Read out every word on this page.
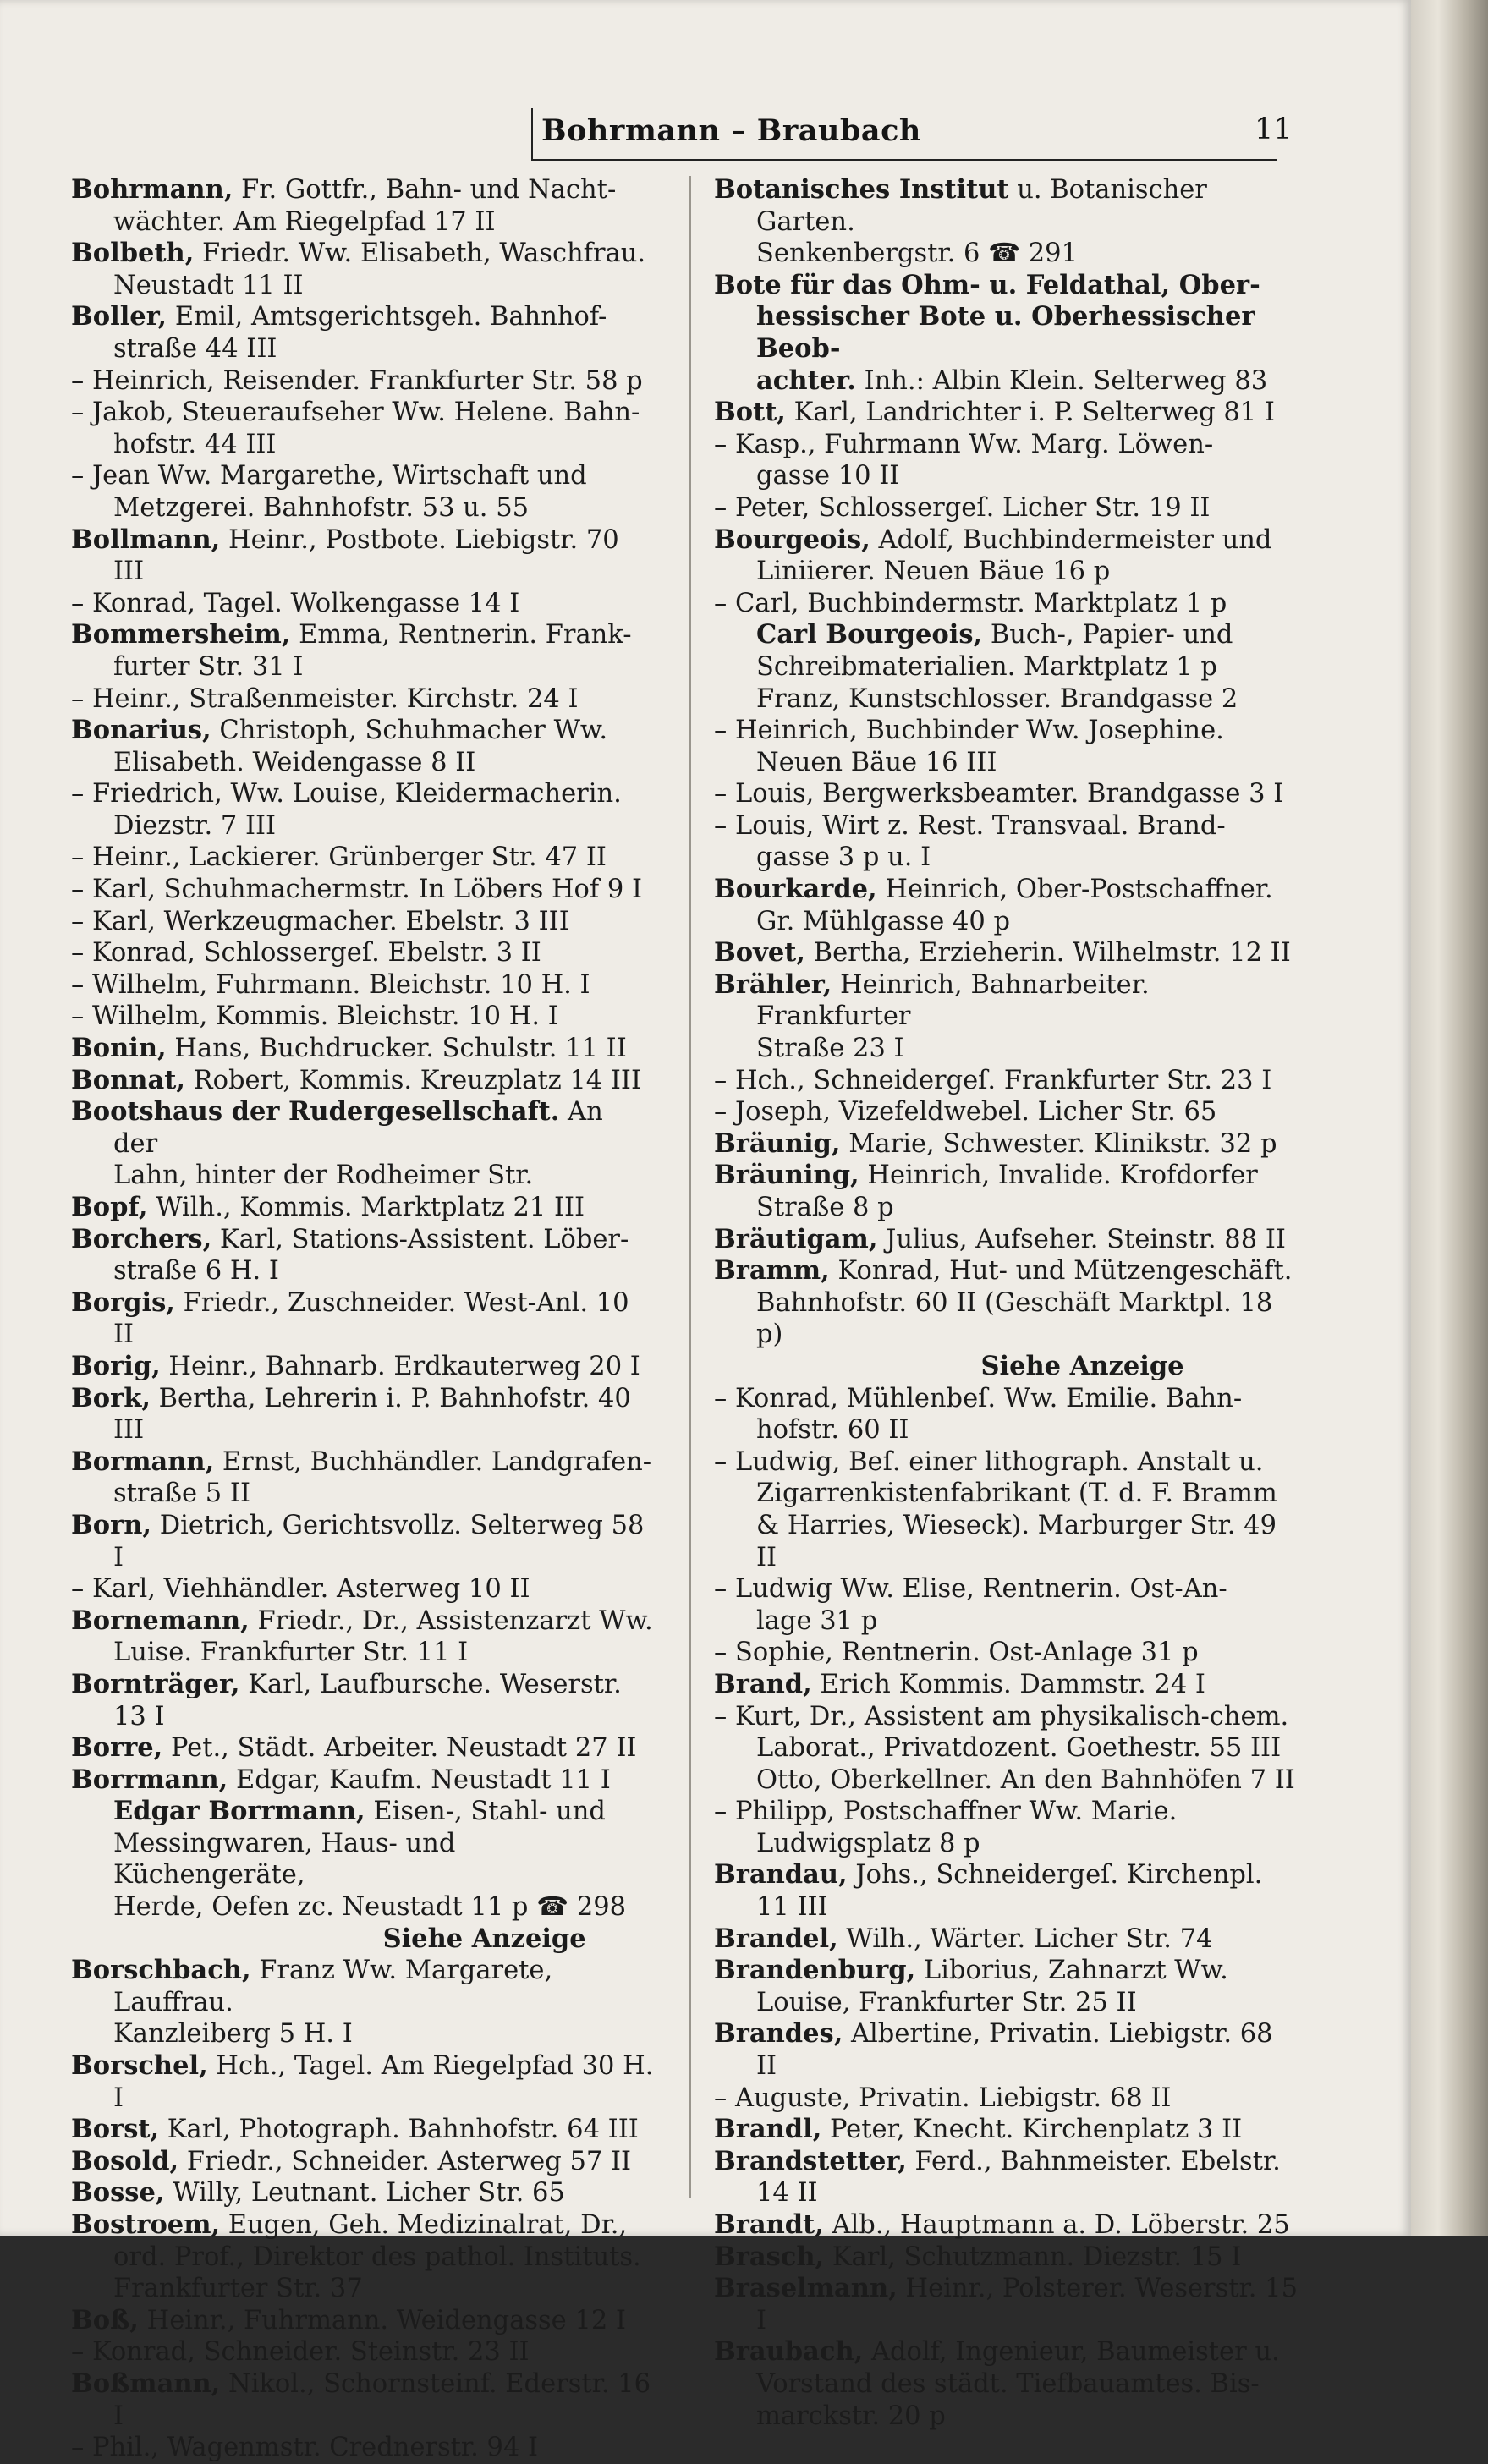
Bohrmann – Braubach	11
Bohrmann, Fr. Gottfr., Bahn- und Nacht-
wächter. Am Riegelpfad 17 II
Bolbeth, Friedr. Ww. Elisabeth, Waschfrau.
Neustadt 11 II
Boller, Emil, Amtsgerichtsgeh. Bahnhof-
straße 44 III
– Heinrich, Reisender. Frankfurter Str. 58 p
– Jakob, Steueraufseher Ww. Helene. Bahn-
hofstr. 44 III
– Jean Ww. Margarethe, Wirtschaft und
Metzgerei. Bahnhofstr. 53 u. 55
Bollmann, Heinr., Postbote. Liebigstr. 70 III
– Konrad, Tagel. Wolkengasse 14 I
Bommersheim, Emma, Rentnerin. Frank-
furter Str. 31 I
– Heinr., Straßenmeister. Kirchstr. 24 I
Bonarius, Christoph, Schuhmacher Ww.
Elisabeth. Weidengasse 8 II
– Friedrich, Ww. Louise, Kleidermacherin.
Diezstr. 7 III
– Heinr., Lackierer. Grünberger Str. 47 II
– Karl, Schuhmachermstr. In Löbers Hof 9 I
– Karl, Werkzeugmacher. Ebelstr. 3 III
– Konrad, Schlossergeſ. Ebelstr. 3 II
– Wilhelm, Fuhrmann. Bleichstr. 10 H. I
– Wilhelm, Kommis. Bleichstr. 10 H. I
Bonin, Hans, Buchdrucker. Schulstr. 11 II
Bonnat, Robert, Kommis. Kreuzplatz 14 III
Bootshaus der Rudergesellschaft. An der
Lahn, hinter der Rodheimer Str.
Bopf, Wilh., Kommis. Marktplatz 21 III
Borchers, Karl, Stations-Assistent. Löber-
straße 6 H. I
Borgis, Friedr., Zuschneider. West-Anl. 10 II
Borig, Heinr., Bahnarb. Erdkauterweg 20 I
Bork, Bertha, Lehrerin i. P. Bahnhofstr. 40 III
Bormann, Ernst, Buchhändler. Landgrafen-
straße 5 II
Born, Dietrich, Gerichtsvollz. Selterweg 58 I
– Karl, Viehhändler. Asterweg 10 II
Bornemann, Friedr., Dr., Assistenzarzt Ww.
Luise. Frankfurter Str. 11 I
Bornträger, Karl, Laufbursche. Weserstr. 13 I
Borre, Pet., Städt. Arbeiter. Neustadt 27 II
Borrmann, Edgar, Kaufm. Neustadt 11 I
Edgar Borrmann, Eisen-, Stahl- und
Messingwaren, Haus- und Küchengeräte,
Herde, Oefen zc. Neustadt 11 p ☎ 298
Siehe Anzeige
Borschbach, Franz Ww. Margarete, Lauffrau.
Kanzleiberg 5 H. I
Borschel, Hch., Tagel. Am Riegelpfad 30 H. I
Borst, Karl, Photograph. Bahnhofstr. 64 III
Bosold, Friedr., Schneider. Asterweg 57 II
Bosse, Willy, Leutnant. Licher Str. 65
Bostroem, Eugen, Geh. Medizinalrat, Dr.,
ord. Prof., Direktor des pathol. Instituts.
Frankfurter Str. 37
Boß, Heinr., Fuhrmann. Weidengasse 12 I
– Konrad, Schneider. Steinstr. 23 II
Boßmann, Nikol., Schornsteinf. Ederstr. 16 I
– Phil., Wagenmstr. Crednerstr. 94 I
Botanisches Institut u. Botanischer Garten.
Senkenbergstr. 6 ☎ 291
Bote für das Ohm- u. Feldathal, Ober-
hessischer Bote u. Oberhessischer Beob-
achter. Inh.: Albin Klein. Selterweg 83
Bott, Karl, Landrichter i. P. Selterweg 81 I
– Kasp., Fuhrmann Ww. Marg. Löwen-
gasse 10 II
– Peter, Schlossergeſ. Licher Str. 19 II
Bourgeois, Adolf, Buchbindermeister und
Liniierer. Neuen Bäue 16 p
– Carl, Buchbindermstr. Marktplatz 1 p
Carl Bourgeois, Buch-, Papier- und
Schreibmaterialien. Marktplatz 1 p
Franz, Kunstschlosser. Brandgasse 2
– Heinrich, Buchbinder Ww. Josephine.
Neuen Bäue 16 III
– Louis, Bergwerksbeamter. Brandgasse 3 I
– Louis, Wirt z. Rest. Transvaal. Brand-
gasse 3 p u. I
Bourkarde, Heinrich, Ober-Postschaffner.
Gr. Mühlgasse 40 p
Bovet, Bertha, Erzieherin. Wilhelmstr. 12 II
Brähler, Heinrich, Bahnarbeiter. Frankfurter
Straße 23 I
– Hch., Schneidergeſ. Frankfurter Str. 23 I
– Joseph, Vizefeldwebel. Licher Str. 65
Bräunig, Marie, Schwester. Klinikstr. 32 p
Bräuning, Heinrich, Invalide. Krofdorfer
Straße 8 p
Bräutigam, Julius, Aufseher. Steinstr. 88 II
Bramm, Konrad, Hut- und Mützengeschäft.
Bahnhofstr. 60 II (Geschäft Marktpl. 18 p)
Siehe Anzeige
– Konrad, Mühlenbeſ. Ww. Emilie. Bahn-
hofstr. 60 II
– Ludwig, Beſ. einer lithograph. Anstalt u.
Zigarrenkistenfabrikant (T. d. F. Bramm
& Harries, Wieseck). Marburger Str. 49 II
– Ludwig Ww. Elise, Rentnerin. Ost-An-
lage 31 p
– Sophie, Rentnerin. Ost-Anlage 31 p
Brand, Erich Kommis. Dammstr. 24 I
– Kurt, Dr., Assistent am physikalisch-chem.
Laborat., Privatdozent. Goethestr. 55 III
Otto, Oberkellner. An den Bahnhöfen 7 II
– Philipp, Postschaffner Ww. Marie.
Ludwigsplatz 8 p
Brandau, Johs., Schneidergeſ. Kirchenpl. 11 III
Brandel, Wilh., Wärter. Licher Str. 74
Brandenburg, Liborius, Zahnarzt Ww.
Louise, Frankfurter Str. 25 II
Brandes, Albertine, Privatin. Liebigstr. 68 II
– Auguste, Privatin. Liebigstr. 68 II
Brandl, Peter, Knecht. Kirchenplatz 3 II
Brandstetter, Ferd., Bahnmeister. Ebelstr. 14 II
Brandt, Alb., Hauptmann a. D. Löberstr. 25
Brasch, Karl, Schutzmann. Diezstr. 15 I
Braselmann, Heinr., Polsterer. Weserstr. 15 I
Braubach, Adolf, Ingenieur, Baumeister u.
Vorstand des städt. Tiefbauamtes. Bis-
marckstr. 20 p
